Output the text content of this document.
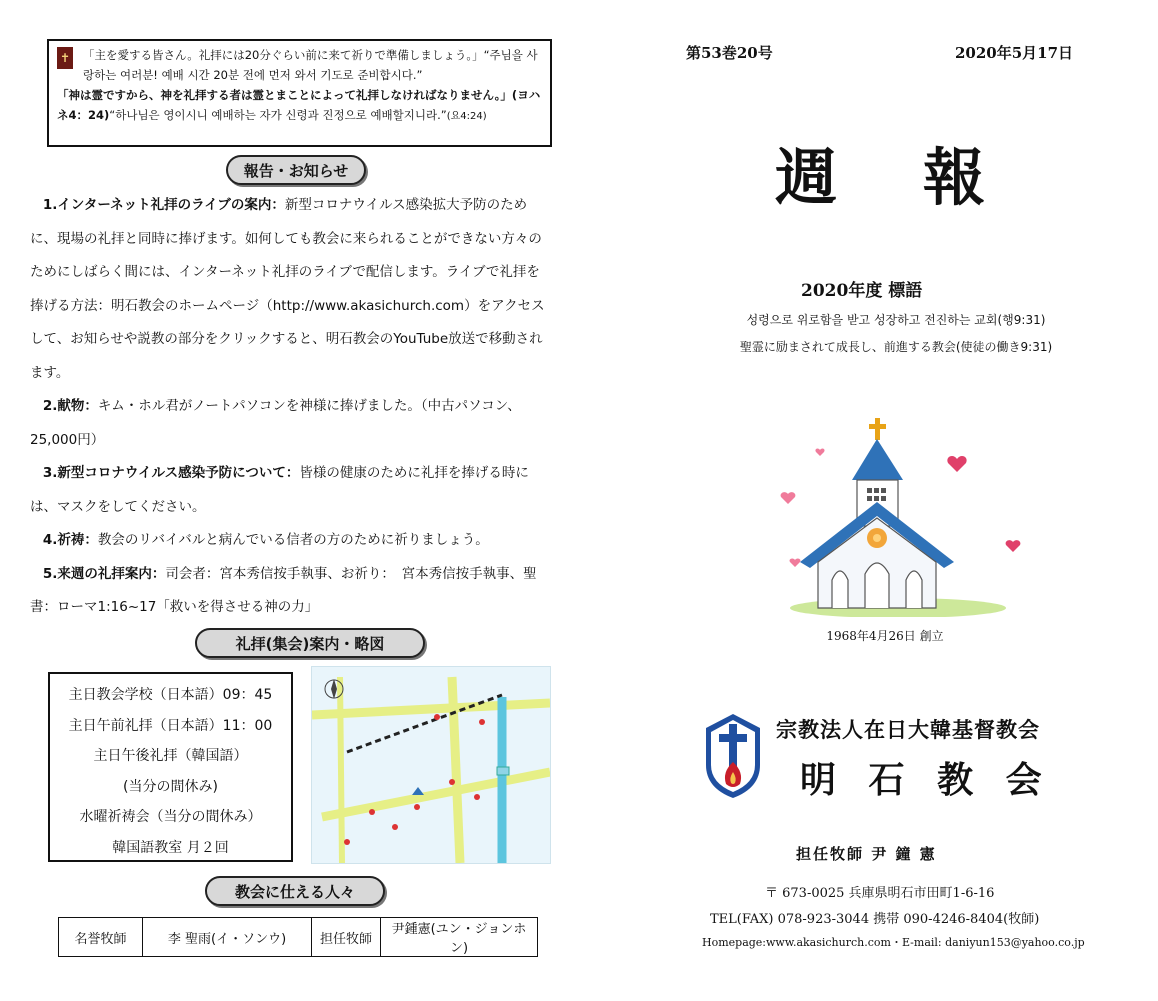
✝ 「主を愛する皆さん。礼拝には20分ぐらい前に来て祈りで準備しましょう。」“주님을 사랑하는 여러분! 예배 시간 20분 전에 먼저 와서 기도로 준비합시다.”
「神は霊ですから、神を礼拝する者は霊とまことによって礼拝しなければなりません。」(ヨハネ4：24)“하나님은 영이시니 예배하는 자가 신령과 진정으로 예배할지니라.”(요4:24)
報告・お知らせ

1.インターネット礼拝のライブの案内：新型コロナウイルス感染拡大予防のために、現場の礼拝と同時に捧げます。如何しても教会に来られることができない方々のためにしばらく間には、インターネット礼拝のライブで配信します。ライブで礼拝を捧げる方法：明石教会のホームページ（http://www.akasichurch.com）をアクセスして、お知らせや説教の部分をクリックすると、明石教会のYouTube放送で移動されます。

2.献物：キム・ホル君がノートパソコンを神様に捧げました。（中古パソコン、25,000円）

3.新型コロナウイルス感染予防について：皆様の健康のために礼拝を捧げる時には、マスクをしてください。

4.祈祷：教会のリバイバルと病んでいる信者の方のために祈りましょう。

5.来週の礼拝案内：司会者：宮本秀信按手執事、お祈り：　宮本秀信按手執事、聖書：ローマ1:16~17「救いを得させる神の力」

礼拝(集会)案内・略図
主日教会学校（日本語）09：45
主日午前礼拝（日本語）11：00
主日午後礼拝（韓国語）
(当分の間休み)
水曜祈祷会（当分の間休み）
韓国語教室 月２回
教会に仕える人々
名誉牧師	李 聖雨(イ・ソンウ)	担任牧師	尹鍾憲(ユン・ジョンホン)
第53巻20号	2020年5月17日
週　報
2020年度 標語
성령으로 위로함을 받고 성장하고 전진하는 교회(행9:31)
聖霊に励まされて成長し、前進する教会(使徒の働き9:31)
1968年4月26日 創立
宗教法人在日大韓基督教会
明 石 教 会
担任牧師 尹 鐘 憲
〒 673-0025 兵庫県明石市田町1-6-16
TEL(FAX) 078-923-3044 携帯 090-4246-8404(牧師)
Homepage:www.akasichurch.com・E-mail: daniyun153@yahoo.co.jp
